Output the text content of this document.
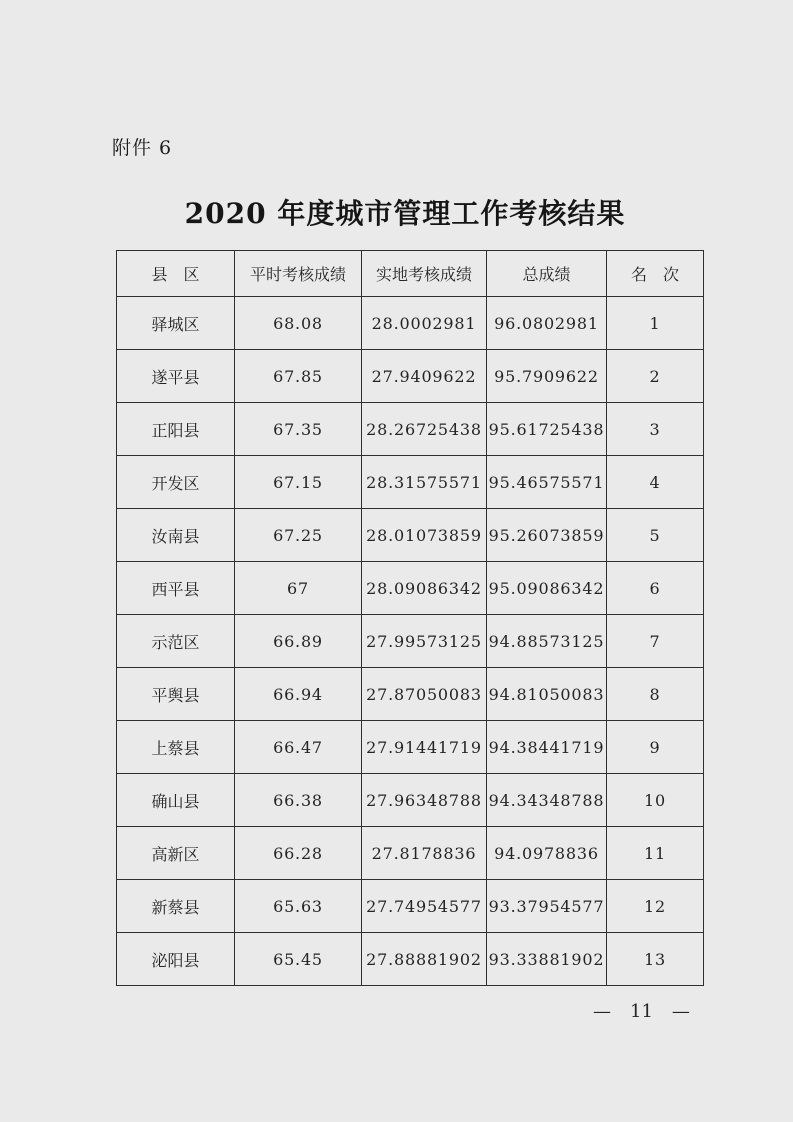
附件 6
2020 年度城市管理工作考核结果
县　区	平时考核成绩	实地考核成绩	总成绩	名　次
驿城区	68.08	28.0002981	96.0802981	1
遂平县	67.85	27.9409622	95.7909622	2
正阳县	67.35	28.26725438	95.61725438	3
开发区	67.15	28.31575571	95.46575571	4
汝南县	67.25	28.01073859	95.26073859	5
西平县	67	28.09086342	95.09086342	6
示范区	66.89	27.99573125	94.88573125	7
平舆县	66.94	27.87050083	94.81050083	8
上蔡县	66.47	27.91441719	94.38441719	9
确山县	66.38	27.96348788	94.34348788	10
高新区	66.28	27.8178836	94.0978836	11
新蔡县	65.63	27.74954577	93.37954577	12
泌阳县	65.45	27.88881902	93.33881902	13
— 11 —
